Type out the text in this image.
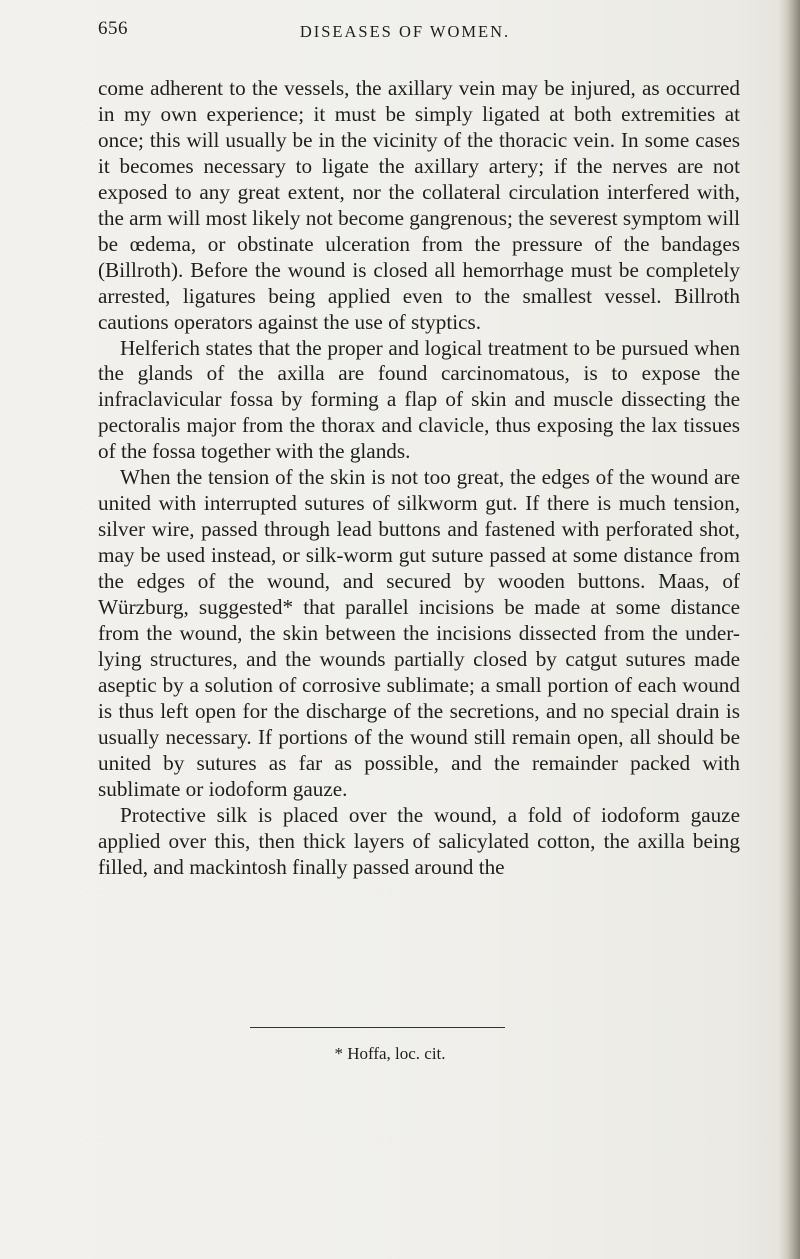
656	DISEASES OF WOMEN.

come adherent to the vessels, the axillary vein may be injured, as occurred in my own experience; it must be simply ligated at both extremities at once; this will usually be in the vicinity of the thoracic vein. In some cases it becomes necessary to ligate the axillary artery; if the nerves are not exposed to any great extent, nor the collateral circulation interfered with, the arm will most likely not become gangrenous; the severest symptom will be œdema, or obstinate ulceration from the pressure of the bandages (Billroth). Before the wound is closed all hemorrhage must be completely arrested, ligatures being applied even to the smallest vessel. Billroth cautions operators against the use of styptics.

Helferich states that the proper and logical treatment to be pursued when the glands of the axilla are found carcinomatous, is to expose the infraclavicular fossa by forming a flap of skin and muscle dissecting the pectoralis major from the thorax and clavicle, thus exposing the lax tissues of the fossa together with the glands.

When the tension of the skin is not too great, the edges of the wound are united with interrupted sutures of silkworm gut. If there is much tension, silver wire, passed through lead buttons and fastened with perforated shot, may be used instead, or silk-worm gut suture passed at some distance from the edges of the wound, and secured by wooden buttons. Maas, of Würzburg, suggested* that parallel incisions be made at some distance from the wound, the skin between the incisions dissected from the under-lying structures, and the wounds partially closed by catgut sutures made aseptic by a solution of corrosive sublimate; a small portion of each wound is thus left open for the discharge of the secretions, and no special drain is usually necessary. If portions of the wound still remain open, all should be united by sutures as far as possible, and the remainder packed with sublimate or iodoform gauze.

Protective silk is placed over the wound, a fold of iodoform gauze applied over this, then thick layers of salicylated cotton, the axilla being filled, and mackintosh finally passed around the

* Hoffa, loc. cit.
